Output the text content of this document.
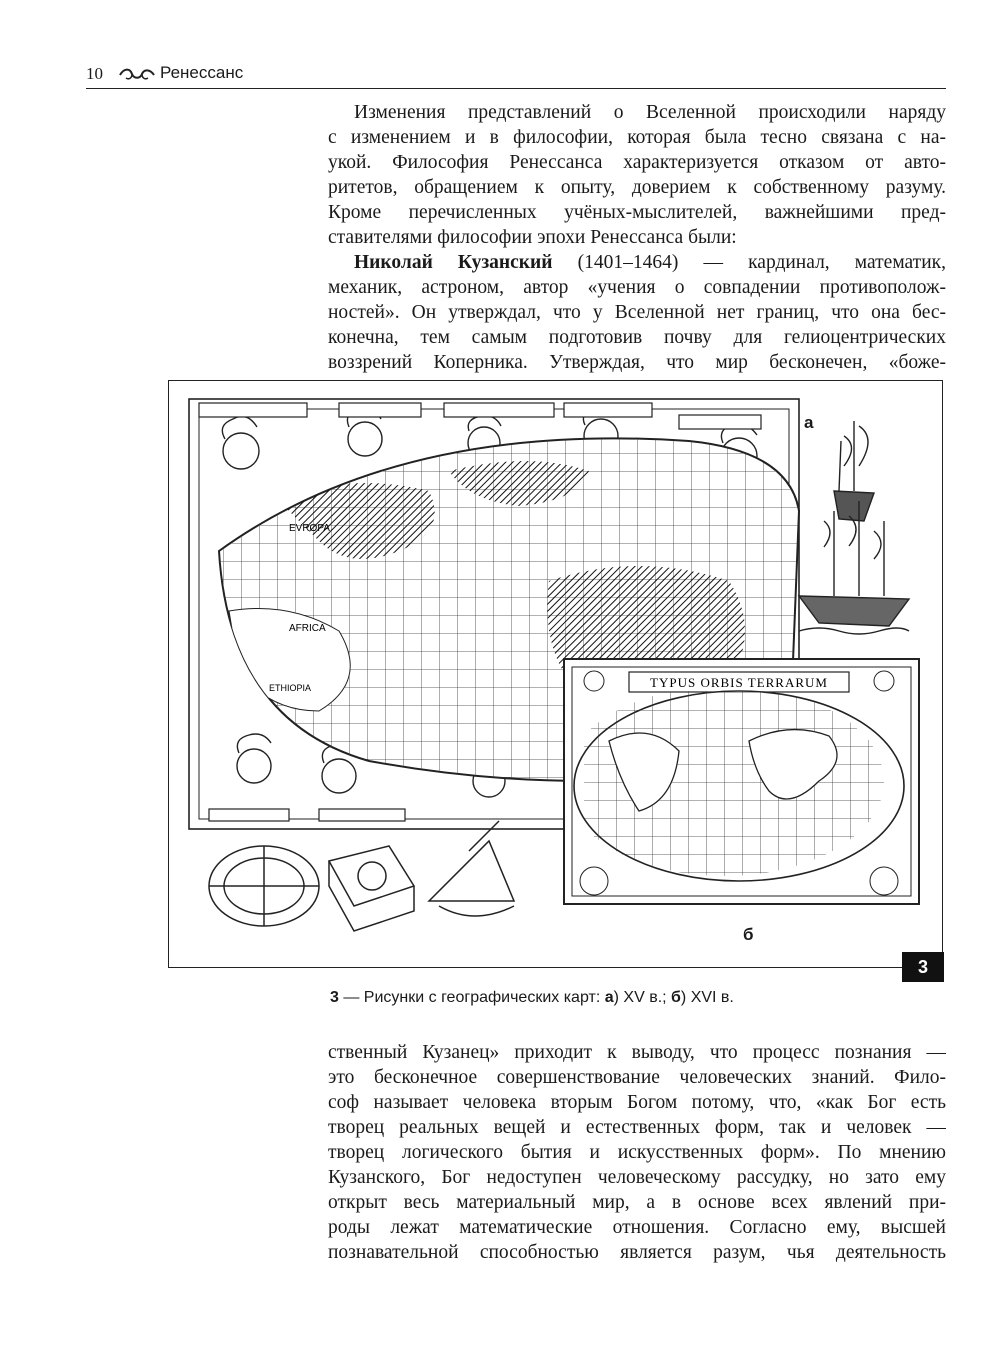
10	Ренессанс
Изменения представлений о Вселенной происходили наряду
с изменением и в философии, которая была тесно связана с на-
укой. Философия Ренессанса характеризуется отказом от авто-
ритетов, обращением к опыту, доверием к собственному разуму.
Кроме перечисленных учёных-мыслителей, важнейшими пред-
ставителями философии эпохи Ренессанса были:
Николай Кузанский (1401–1464) — кардинал, математик,
механик, астроном, автор «учения о совпадении противополож-
ностей». Он утверждал, что у Вселенной нет границ, что она бес-
конечна, тем самым подготовив почву для гелиоцентрических
воззрений Коперника. Утверждая, что мир бесконечен, «боже-
EVROPA
AFRICA
ETHIOPIA	TYPUS ORBIS TERRARUM
а
б
3
3 — Рисунки с географических карт: а) XV в.; б) XVI в.
ственный Кузанец» приходит к выводу, что процесс познания —
это бесконечное совершенствование человеческих знаний. Фило-
соф называет человека вторым Богом потому, что, «как Бог есть
творец реальных вещей и естественных форм, так и человек —
творец логического бытия и искусственных форм». По мнению
Кузанского, Бог недоступен человеческому рассудку, но зато ему
открыт весь материальный мир, а в основе всех явлений при-
роды лежат математические отношения. Согласно ему, высшей
познавательной способностью является разум, чья деятельность
